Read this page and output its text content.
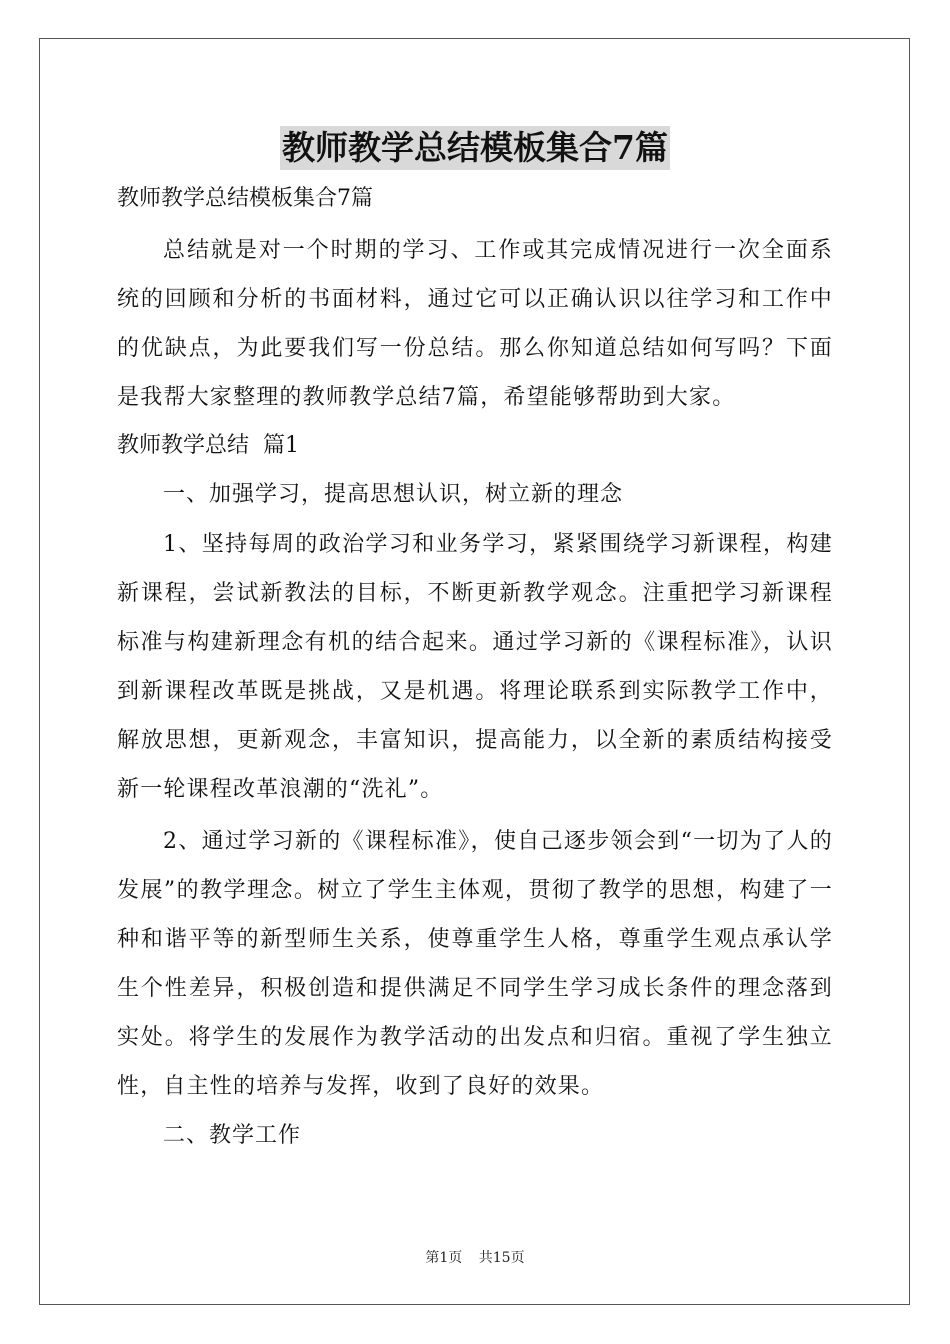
教师教学总结模板集合7篇

教师教学总结模板集合7篇

总结就是对一个时期的学习、工作或其完成情况进行一次全面系统的回顾和分析的书面材料，通过它可以正确认识以往学习和工作中的优缺点，为此要我们写一份总结。那么你知道总结如何写吗？下面是我帮大家整理的教师教学总结7篇，希望能够帮助到大家。

教师教学总结  篇1

一、加强学习，提高思想认识，树立新的理念

1、坚持每周的政治学习和业务学习，紧紧围绕学习新课程，构建新课程，尝试新教法的目标，不断更新教学观念。注重把学习新课程标准与构建新理念有机的结合起来。通过学习新的《课程标准》，认识到新课程改革既是挑战，又是机遇。将理论联系到实际教学工作中，解放思想，更新观念，丰富知识，提高能力，以全新的素质结构接受新一轮课程改革浪潮的“洗礼”。

2、通过学习新的《课程标准》，使自己逐步领会到“一切为了人的发展”的教学理念。树立了学生主体观，贯彻了教学的思想，构建了一种和谐平等的新型师生关系，使尊重学生人格，尊重学生观点承认学生个性差异，积极创造和提供满足不同学生学习成长条件的理念落到实处。将学生的发展作为教学活动的出发点和归宿。重视了学生独立性，自主性的培养与发挥，收到了良好的效果。

二、教学工作

第1页 共15页
